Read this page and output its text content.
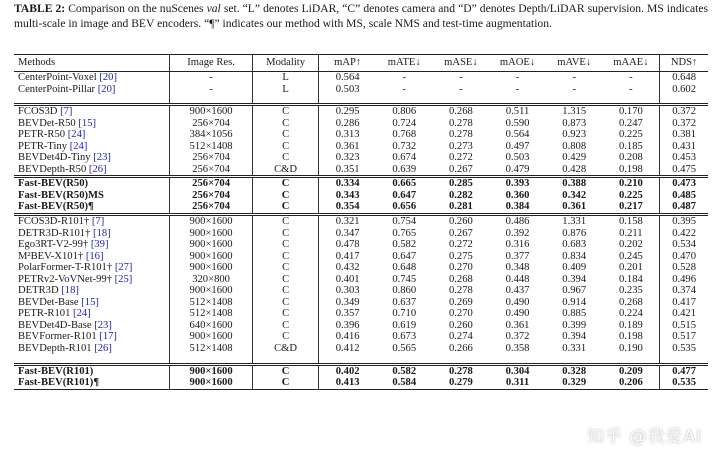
TABLE 2: Comparison on the nuScenes val set. “L” denotes LiDAR, “C” denotes camera and “D” denotes Depth/LiDAR supervision. MS indicates multi-scale in image and BEV encoders. “¶” indicates our method with MS, scale NMS and test-time augmentation.
Methods	Image Res.	Modality	mAP↑	mATE↓	mASE↓	mAOE↓	mAVE↓	mAAE↓	NDS↑
CenterPoint-Voxel [20]	-	L	0.564	-	-	-	-	-	0.648
CenterPoint-Pillar [20]	-	L	0.503	-	-	-	-	-	0.602

FCOS3D [7]	900×1600	C	0.295	0.806	0.268	0.511	1.315	0.170	0.372
BEVDet-R50 [15]	256×704	C	0.286	0.724	0.278	0.590	0.873	0.247	0.372
PETR-R50 [24]	384×1056	C	0.313	0.768	0.278	0.564	0.923	0.225	0.381
PETR-Tiny [24]	512×1408	C	0.361	0.732	0.273	0.497	0.808	0.185	0.431
BEVDet4D-Tiny [23]	256×704	C	0.323	0.674	0.272	0.503	0.429	0.208	0.453
BEVDepth-R50 [26]	256×704	C&D	0.351	0.639	0.267	0.479	0.428	0.198	0.475
Fast-BEV(R50)	256×704	C	0.334	0.665	0.285	0.393	0.388	0.210	0.473
Fast-BEV(R50)MS	256×704	C	0.343	0.647	0.282	0.360	0.342	0.225	0.485
Fast-BEV(R50)¶	256×704	C	0.354	0.656	0.281	0.384	0.361	0.217	0.487
FCOS3D-R101† [7]	900×1600	C	0.321	0.754	0.260	0.486	1.331	0.158	0.395
DETR3D-R101† [18]	900×1600	C	0.347	0.765	0.267	0.392	0.876	0.211	0.422
Ego3RT-V2-99† [39]	900×1600	C	0.478	0.582	0.272	0.316	0.683	0.202	0.534
M²BEV-X101† [16]	900×1600	C	0.417	0.647	0.275	0.377	0.834	0.245	0.470
PolarFormer-T-R101† [27]	900×1600	C	0.432	0.648	0.270	0.348	0.409	0.201	0.528
PETRv2-VoVNet-99† [25]	320×800	C	0.401	0.745	0.268	0.448	0.394	0.184	0.496
DETR3D [18]	900×1600	C	0.303	0.860	0.278	0.437	0.967	0.235	0.374
BEVDet-Base [15]	512×1408	C	0.349	0.637	0.269	0.490	0.914	0.268	0.417
PETR-R101 [24]	512×1408	C	0.357	0.710	0.270	0.490	0.885	0.224	0.421
BEVDet4D-Base [23]	640×1600	C	0.396	0.619	0.260	0.361	0.399	0.189	0.515
BEVFormer-R101 [17]	900×1600	C	0.416	0.673	0.274	0.372	0.394	0.198	0.517
BEVDepth-R101 [26]	512×1408	C&D	0.412	0.565	0.266	0.358	0.331	0.190	0.535

Fast-BEV(R101)	900×1600	C	0.402	0.582	0.278	0.304	0.328	0.209	0.477
Fast-BEV(R101)¶	900×1600	C	0.413	0.584	0.279	0.311	0.329	0.206	0.535
知乎 @我爱AI
